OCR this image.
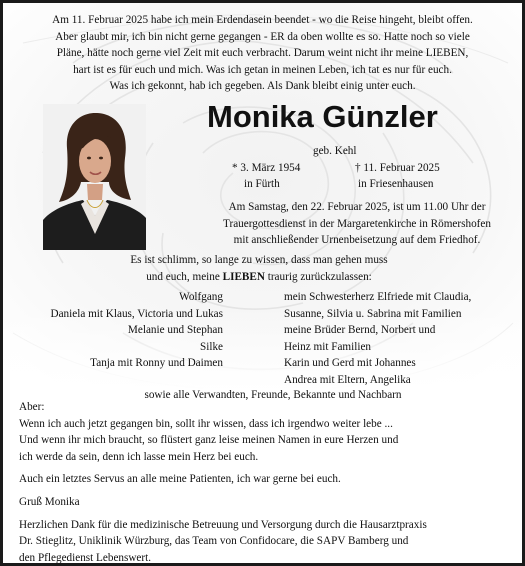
Am 11. Februar 2025 habe ich mein Erdendasein beendet - wo die Reise hingeht, bleibt offen.
Aber glaubt mir, ich bin nicht gerne gegangen - ER da oben wollte es so. Hatte noch so viele
Pläne, hätte noch gerne viel Zeit mit euch verbracht. Darum weint nicht ihr meine LIEBEN,
hart ist es für euch und mich. Was ich getan in meinen Leben, ich tat es nur für euch.
Was ich gekonnt, hab ich gegeben. Als Dank bleibt einig unter euch.
Monika Günzler
geb. Kehl
* 3. März 1954
in Fürth
† 11. Februar 2025
in Friesenhausen
Am Samstag, den 22. Februar 2025, ist um 11.00 Uhr der
Trauergottesdienst in der Margaretenkirche in Römershofen
mit anschließender Urnenbeisetzung auf dem Friedhof.
Es ist schlimm, so lange zu wissen, dass man gehen muss
und euch, meine LIEBEN traurig zurückzulassen:
Wolfgang
Daniela mit Klaus, Victoria und Lukas
Melanie und Stephan
Silke
Tanja mit Ronny und Daimen
mein Schwesterherz Elfriede mit Claudia,
Susanne, Silvia u. Sabrina mit Familien
meine Brüder Bernd, Norbert und
Heinz mit Familien
Karin und Gerd mit Johannes
Andrea mit Eltern, Angelika
sowie alle Verwandten, Freunde, Bekannte und Nachbarn
Aber:
Wenn ich auch jetzt gegangen bin, sollt ihr wissen, dass ich irgendwo weiter lebe ...
Und wenn ihr mich braucht, so flüstert ganz leise meinen Namen in eure Herzen und
ich werde da sein, denn ich lasse mein Herz bei euch.
Auch ein letztes Servus an alle meine Patienten, ich war gerne bei euch.
Gruß Monika
Herzlichen Dank für die medizinische Betreuung und Versorgung durch die Hausarztpraxis
Dr. Stieglitz, Uniklinik Würzburg, das Team von Confidocare, die SAPV Bamberg und
den Pflegedienst Lebenswert.
